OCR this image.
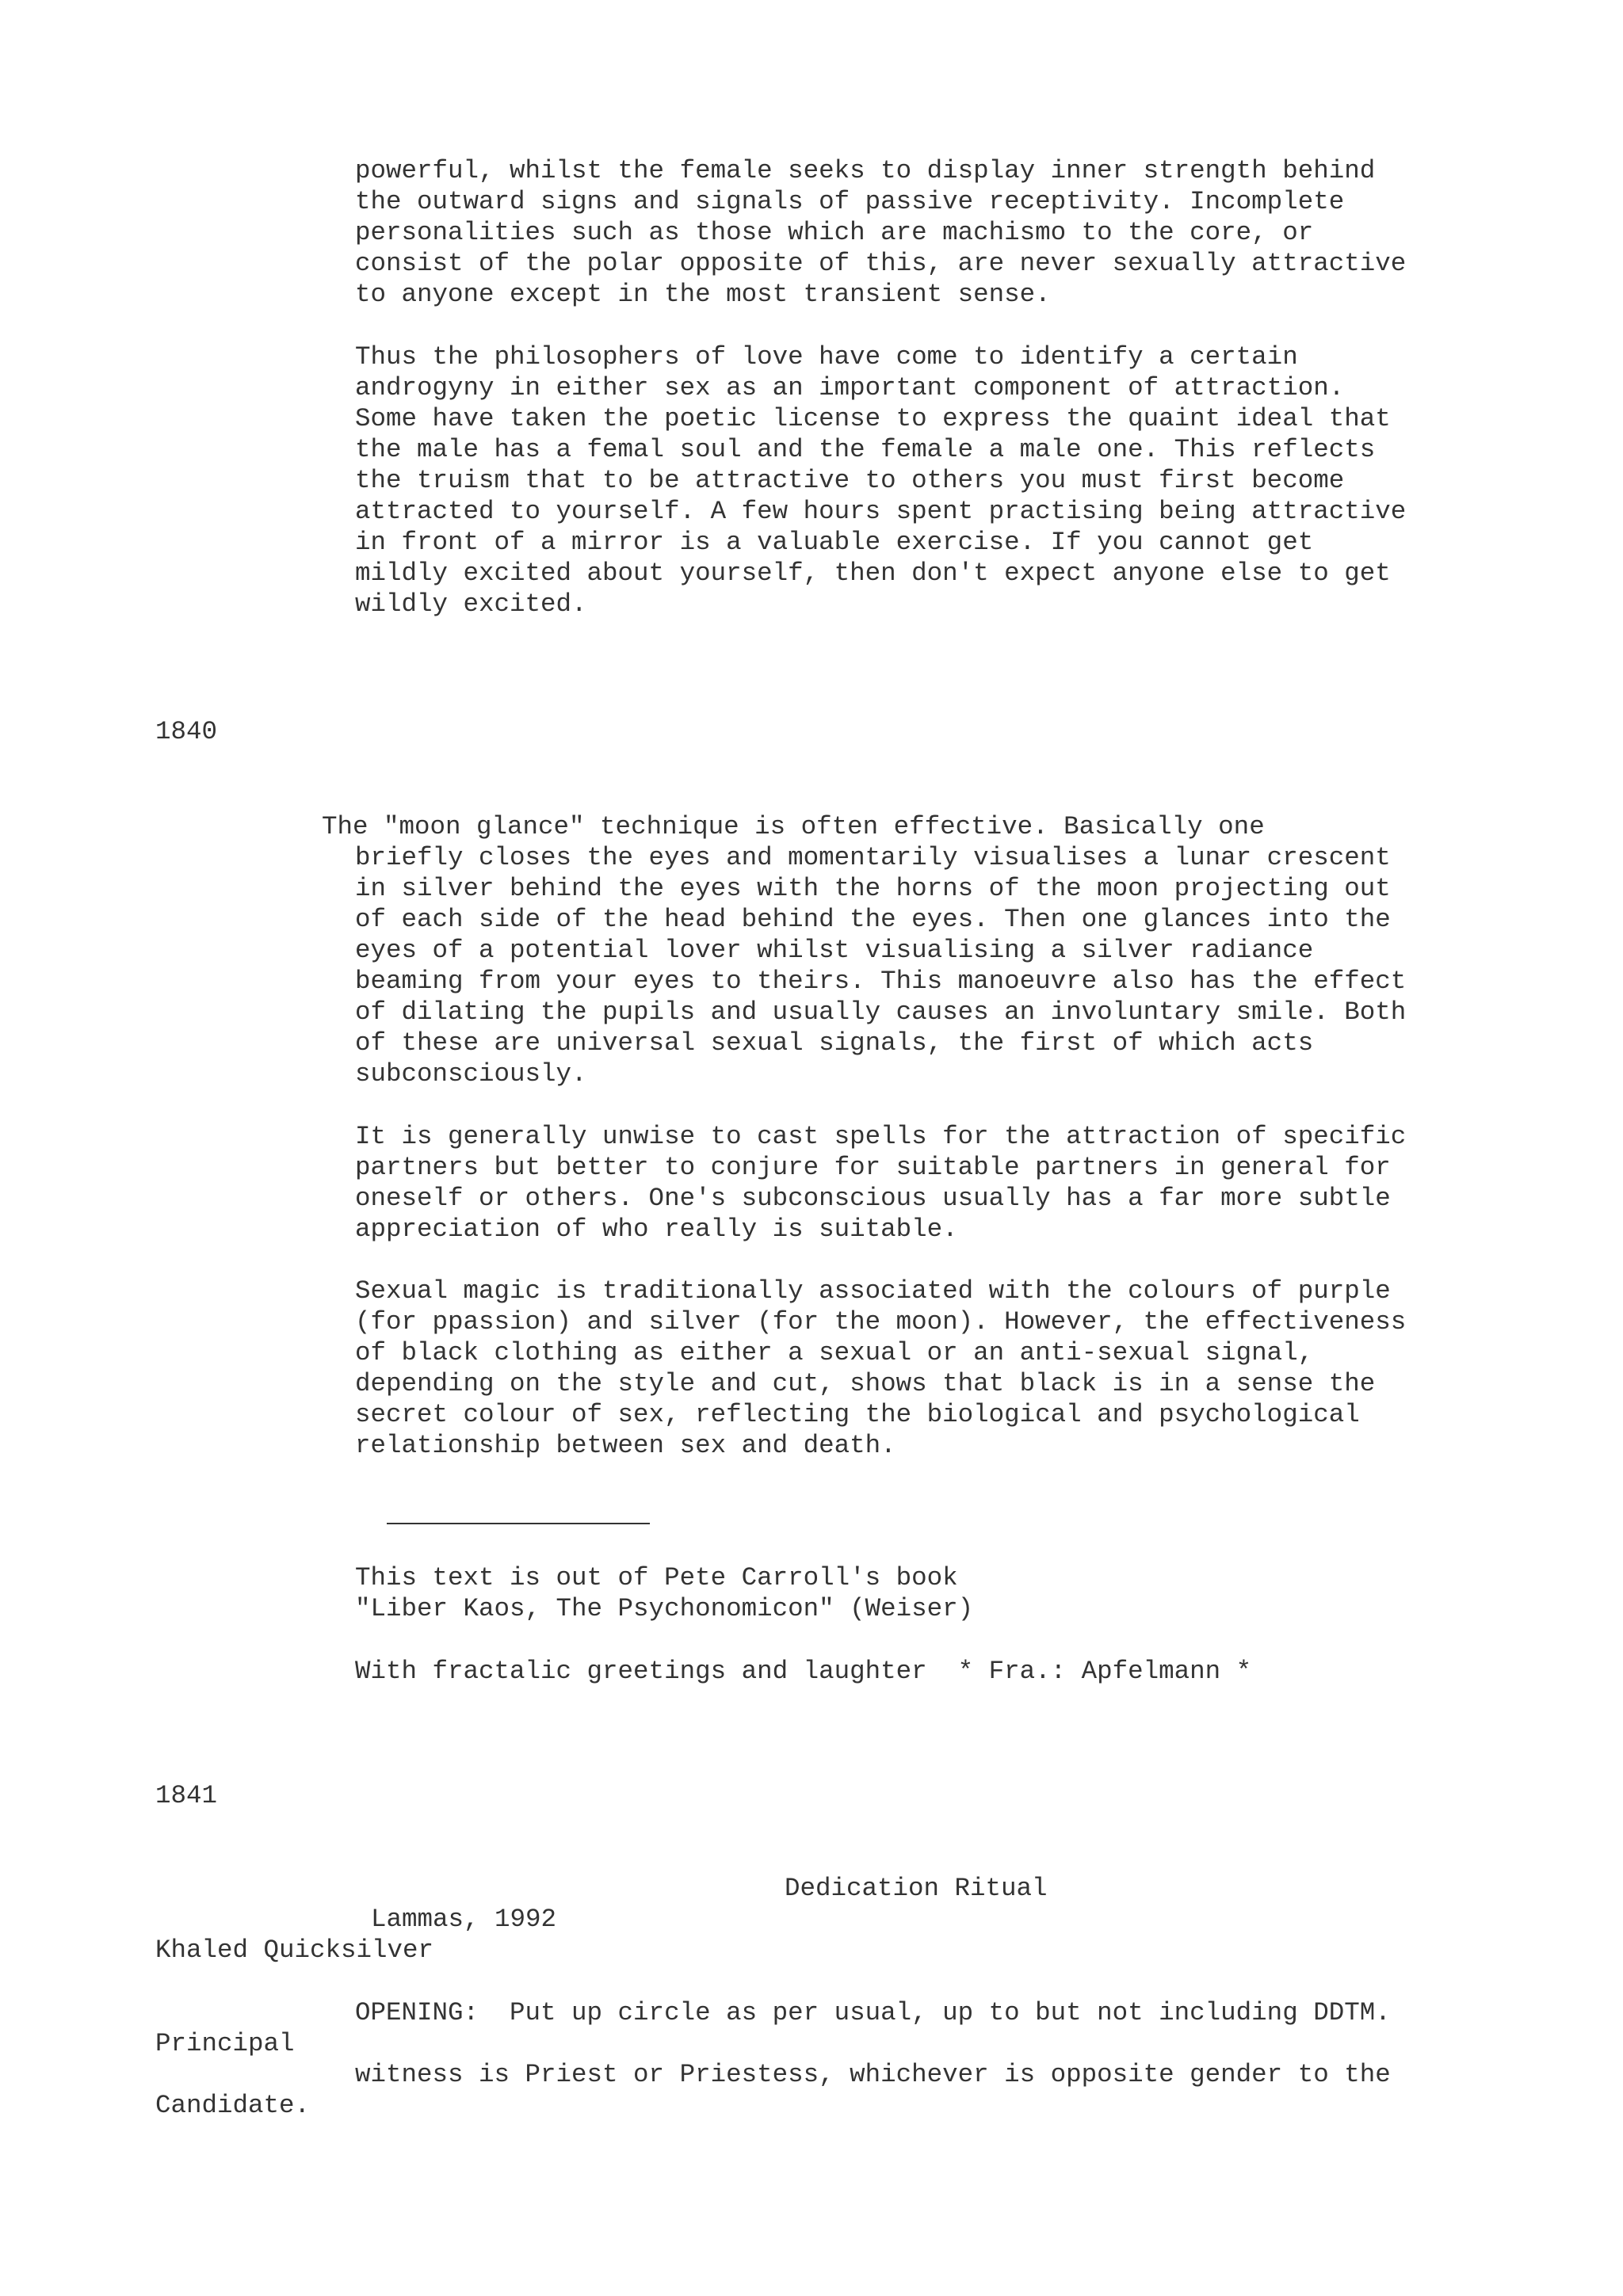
powerful, whilst the female seeks to display inner strength behind
the outward signs and signals of passive receptivity. Incomplete
personalities such as those which are machismo to the core, or
consist of the polar opposite of this, are never sexually attractive
to anyone except in the most transient sense.
Thus the philosophers of love have come to identify a certain
androgyny in either sex as an important component of attraction.
Some have taken the poetic license to express the quaint ideal that
the male has a femal soul and the female a male one. This reflects
the truism that to be attractive to others you must first become
attracted to yourself. A few hours spent practising being attractive
in front of a mirror is a valuable exercise. If you cannot get
mildly excited about yourself, then don't expect anyone else to get
wildly excited.
1840
The "moon glance" technique is often effective. Basically one
briefly closes the eyes and momentarily visualises a lunar crescent
in silver behind the eyes with the horns of the moon projecting out
of each side of the head behind the eyes. Then one glances into the
eyes of a potential lover whilst visualising a silver radiance
beaming from your eyes to theirs. This manoeuvre also has the effect
of dilating the pupils and usually causes an involuntary smile. Both
of these are universal sexual signals, the first of which acts
subconsciously.
It is generally unwise to cast spells for the attraction of specific
partners but better to conjure for suitable partners in general for
oneself or others. One's subconscious usually has a far more subtle
appreciation of who really is suitable.
Sexual magic is traditionally associated with the colours of purple
(for ppassion) and silver (for the moon). However, the effectiveness
of black clothing as either a sexual or an anti-sexual signal,
depending on the style and cut, shows that black is in a sense the
secret colour of sex, reflecting the biological and psychological
relationship between sex and death.
This text is out of Pete Carroll's book
"Liber Kaos, The Psychonomicon" (Weiser)
With fractalic greetings and laughter  * Fra.: Apfelmann *
1841
Dedication Ritual
Lammas, 1992
Khaled Quicksilver
OPENING:  Put up circle as per usual, up to but not including DDTM.
Principal
witness is Priest or Priestess, whichever is opposite gender to the
Candidate.
